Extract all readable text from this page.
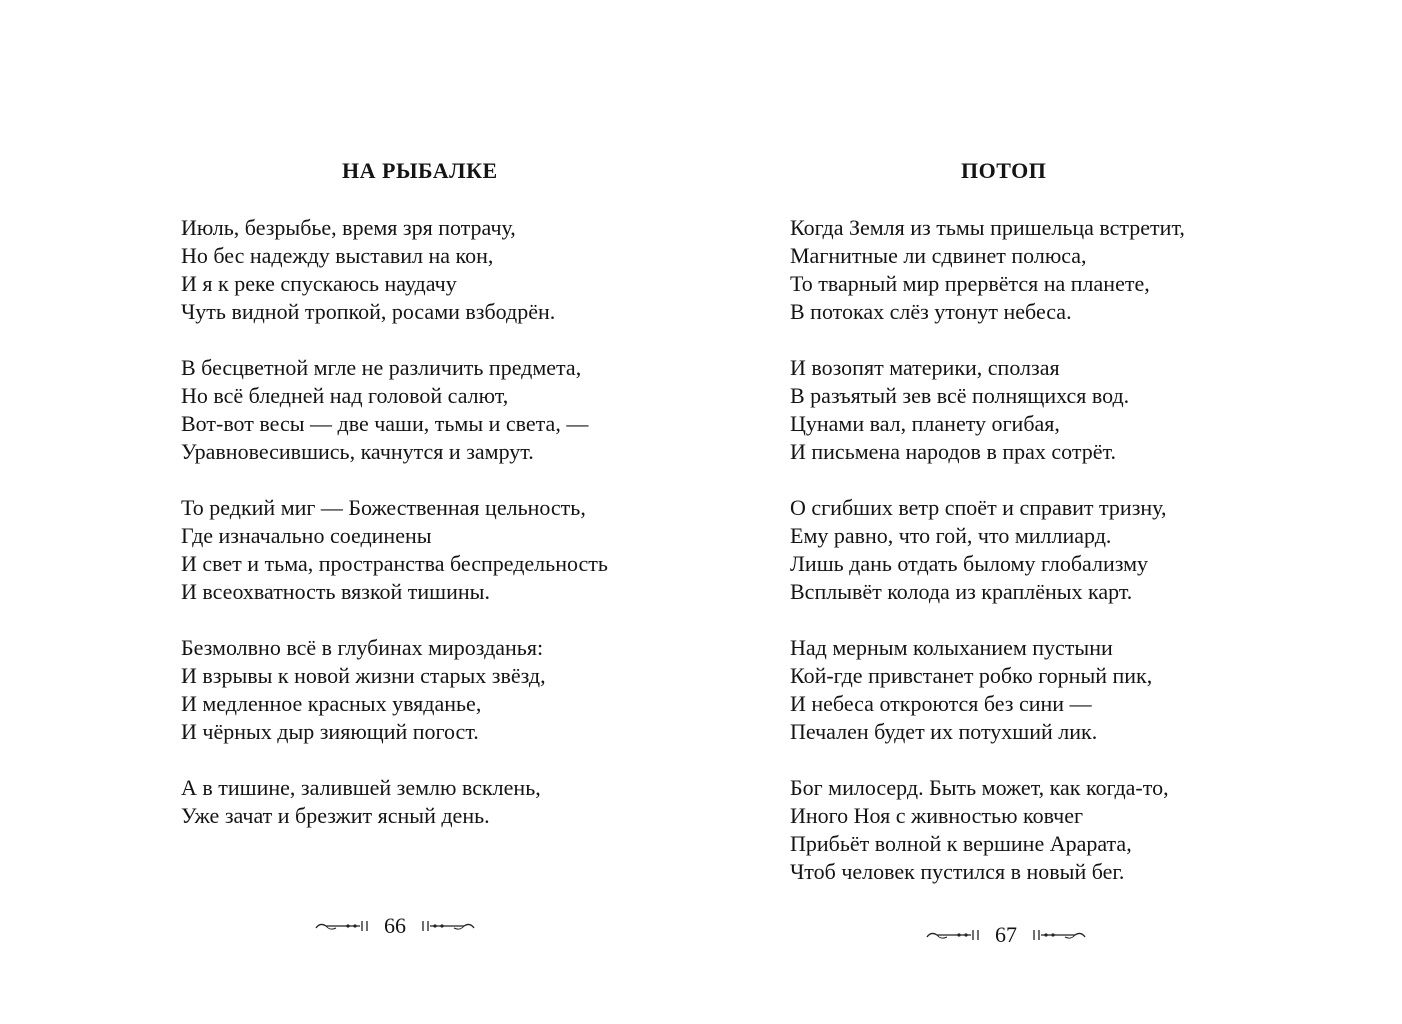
НА РЫБАЛКЕ
Июль, безрыбье, время зря потрачу,
Но бес надежду выставил на кон,
И я к реке спускаюсь наудачу
Чуть видной тропкой, росами взбодрён.
В бесцветной мгле не различить предмета,
Но всё бледней над головой салют,
Вот-вот весы — две чаши, тьмы и света, —
Уравновесившись, качнутся и замрут.
То редкий миг — Божественная цельность,
Где изначально соединены
И свет и тьма, пространства беспредельность
И всеохватность вязкой тишины.
Безмолвно всё в глубинах мирозданья:
И взрывы к новой жизни старых звёзд,
И медленное красных увяданье,
И чёрных дыр зияющий погост.
А в тишине, залившей землю всклень,
Уже зачат и брезжит ясный день.
66
ПОТОП
Когда Земля из тьмы пришельца встретит,
Магнитные ли сдвинет полюса,
То тварный мир прервётся на планете,
В потоках слёз утонут небеса.
И возопят материки, сползая
В разъятый зев всё полнящихся вод.
Цунами вал, планету огибая,
И письмена народов в прах сотрёт.
О сгибших ветр споёт и справит тризну,
Ему равно, что гой, что миллиард.
Лишь дань отдать былому глобализму
Всплывёт колода из краплёных карт.
Над мерным колыханием пустыни
Кой-где привстанет робко горный пик,
И небеса откроются без сини —
Печален будет их потухший лик.
Бог милосерд. Быть может, как когда-то,
Иного Ноя с живностью ковчег
Прибьёт волной к вершине Арарата,
Чтоб человек пустился в новый бег.
67
